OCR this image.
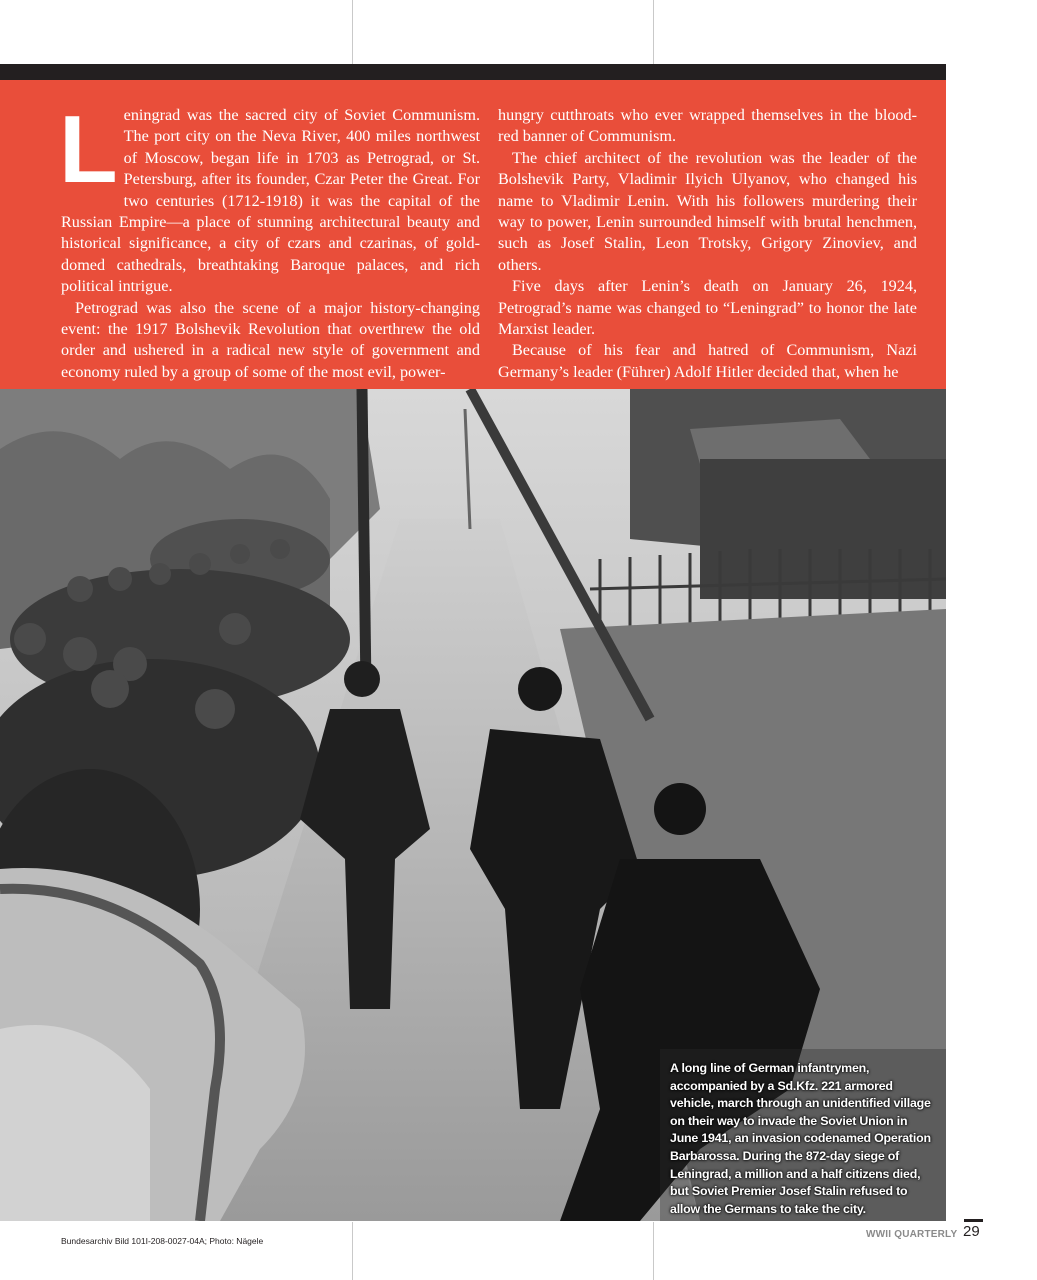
Leningrad was the sacred city of Soviet Communism. The port city on the Neva River, 400 miles northwest of Moscow, began life in 1703 as Petrograd, or St. Petersburg, after its founder, Czar Peter the Great. For two centuries (1712-1918) it was the capital of the Russian Empire—a place of stunning architectural beauty and historical significance, a city of czars and czarinas, of gold-domed cathedrals, breathtaking Baroque palaces, and rich political intrigue.

Petrograd was also the scene of a major history-changing event: the 1917 Bolshevik Revolution that overthrew the old order and ushered in a radical new style of government and economy ruled by a group of some of the most evil, power-

hungry cutthroats who ever wrapped themselves in the blood-red banner of Communism.

The chief architect of the revolution was the leader of the Bolshevik Party, Vladimir Ilyich Ulyanov, who changed his name to Vladimir Lenin. With his followers murdering their way to power, Lenin surrounded himself with brutal henchmen, such as Josef Stalin, Leon Trotsky, Grigory Zinoviev, and others.

Five days after Lenin’s death on January 26, 1924, Petrograd’s name was changed to “Leningrad” to honor the late Marxist leader.

Because of his fear and hatred of Communism, Nazi Germany’s leader (Führer) Adolf Hitler decided that, when he

A long line of German infantrymen, accompanied by a Sd.Kfz. 221 armored vehicle, march through an unidentified village on their way to invade the Soviet Union in June 1941, an invasion codenamed Operation Barbarossa. During the 872-day siege of Leningrad, a million and a half citizens died, but Soviet Premier Josef Stalin refused to allow the Germans to take the city.
Bundesarchiv Bild 101I-208-0027-04A; Photo: Nägele
WWII QUARTERLY 29
